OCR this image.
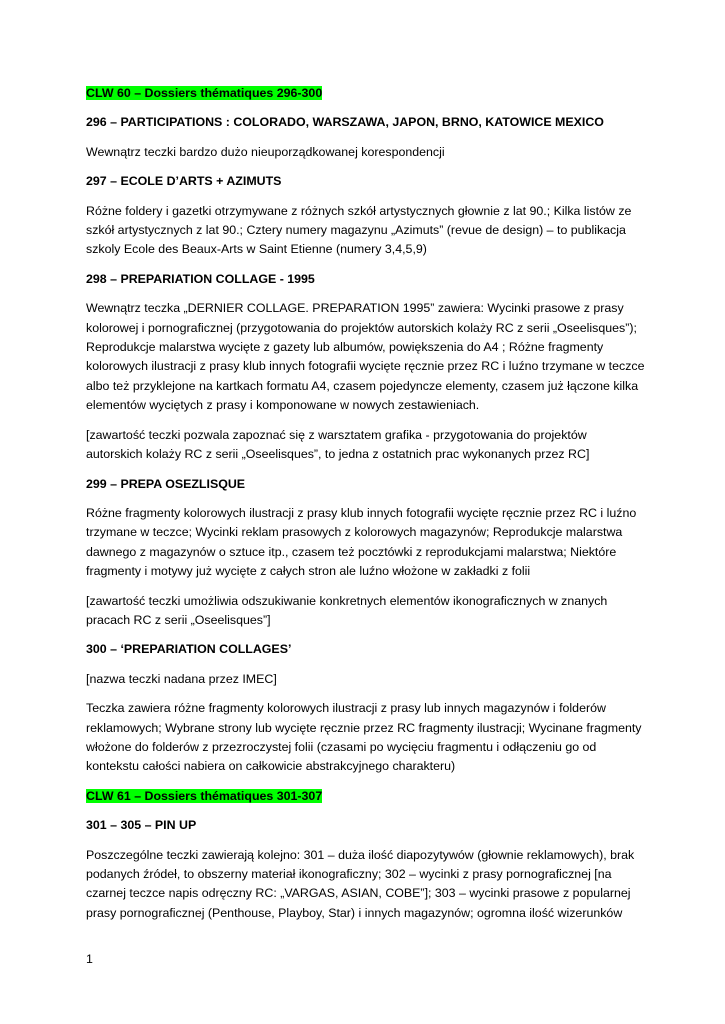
CLW 60 – Dossiers thématiques 296-300
296 – PARTICIPATIONS : COLORADO, WARSZAWA, JAPON, BRNO, KATOWICE MEXICO
Wewnątrz teczki bardzo dużo nieuporządkowanej korespondencji
297 – ECOLE D’ARTS + AZIMUTS
Różne foldery i gazetki otrzymywane z różnych szkół artystycznych głownie z lat 90.; Kilka listów ze szkół artystycznych z lat 90.; Cztery numery magazynu „Azimuts” (revue de design) – to publikacja szkoly Ecole des Beaux-Arts w Saint Etienne (numery 3,4,5,9)
298 – PREPARIATION COLLAGE - 1995
Wewnątrz teczka „DERNIER COLLAGE. PREPARATION 1995” zawiera: Wycinki prasowe z prasy kolorowej i pornograficznej (przygotowania do projektów autorskich kolaży RC z serii „Oseelisques”); Reprodukcje malarstwa wycięte z gazety lub albumów, powiększenia do A4 ; Różne fragmenty kolorowych ilustracji z prasy klub innych fotografii wycięte ręcznie przez RC i luźno trzymane w teczce albo też przyklejone na kartkach formatu A4, czasem pojedyncze elementy, czasem już łączone kilka elementów wyciętych z prasy i komponowane w nowych zestawieniach.
[zawartość teczki pozwala zapoznać się z warsztatem grafika - przygotowania do projektów autorskich kolaży RC z serii „Oseelisques”, to jedna z ostatnich prac wykonanych przez RC]
299 – PREPA OSEZLISQUE
Różne fragmenty kolorowych ilustracji z prasy klub innych fotografii wycięte ręcznie przez RC i luźno trzymane w teczce; Wycinki reklam prasowych z kolorowych magazynów; Reprodukcje malarstwa dawnego z magazynów o sztuce itp., czasem też pocztówki z reprodukcjami malarstwa; Niektóre fragmenty i motywy już wycięte z całych stron ale luźno włożone w zakładki z folii
[zawartość teczki umożliwia odszukiwanie konkretnych elementów ikonograficznych w znanych pracach RC z serii „Oseelisques”]
300 – ‘PREPARIATION COLLAGES’
[nazwa teczki nadana przez IMEC]
Teczka zawiera różne fragmenty kolorowych ilustracji z prasy lub innych magazynów i folderów reklamowych; Wybrane strony lub wycięte ręcznie przez RC fragmenty ilustracji; Wycinane fragmenty włożone do folderów z przezroczystej folii (czasami po wycięciu fragmentu i odłączeniu go od kontekstu całości nabiera on całkowicie abstrakcyjnego charakteru)
CLW 61 – Dossiers thématiques 301-307
301 – 305 – PIN UP
Poszczególne teczki zawierają kolejno: 301 – duża ilość diapozytywów (głownie reklamowych), brak podanych źródeł, to obszerny materiał ikonograficzny; 302 – wycinki z prasy pornograficznej [na czarnej teczce napis odręczny RC: „VARGAS, ASIAN, COBE”]; 303 – wycinki prasowe z popularnej prasy pornograficznej (Penthouse, Playboy, Star) i innych magazynów; ogromna ilość wizerunków
1
